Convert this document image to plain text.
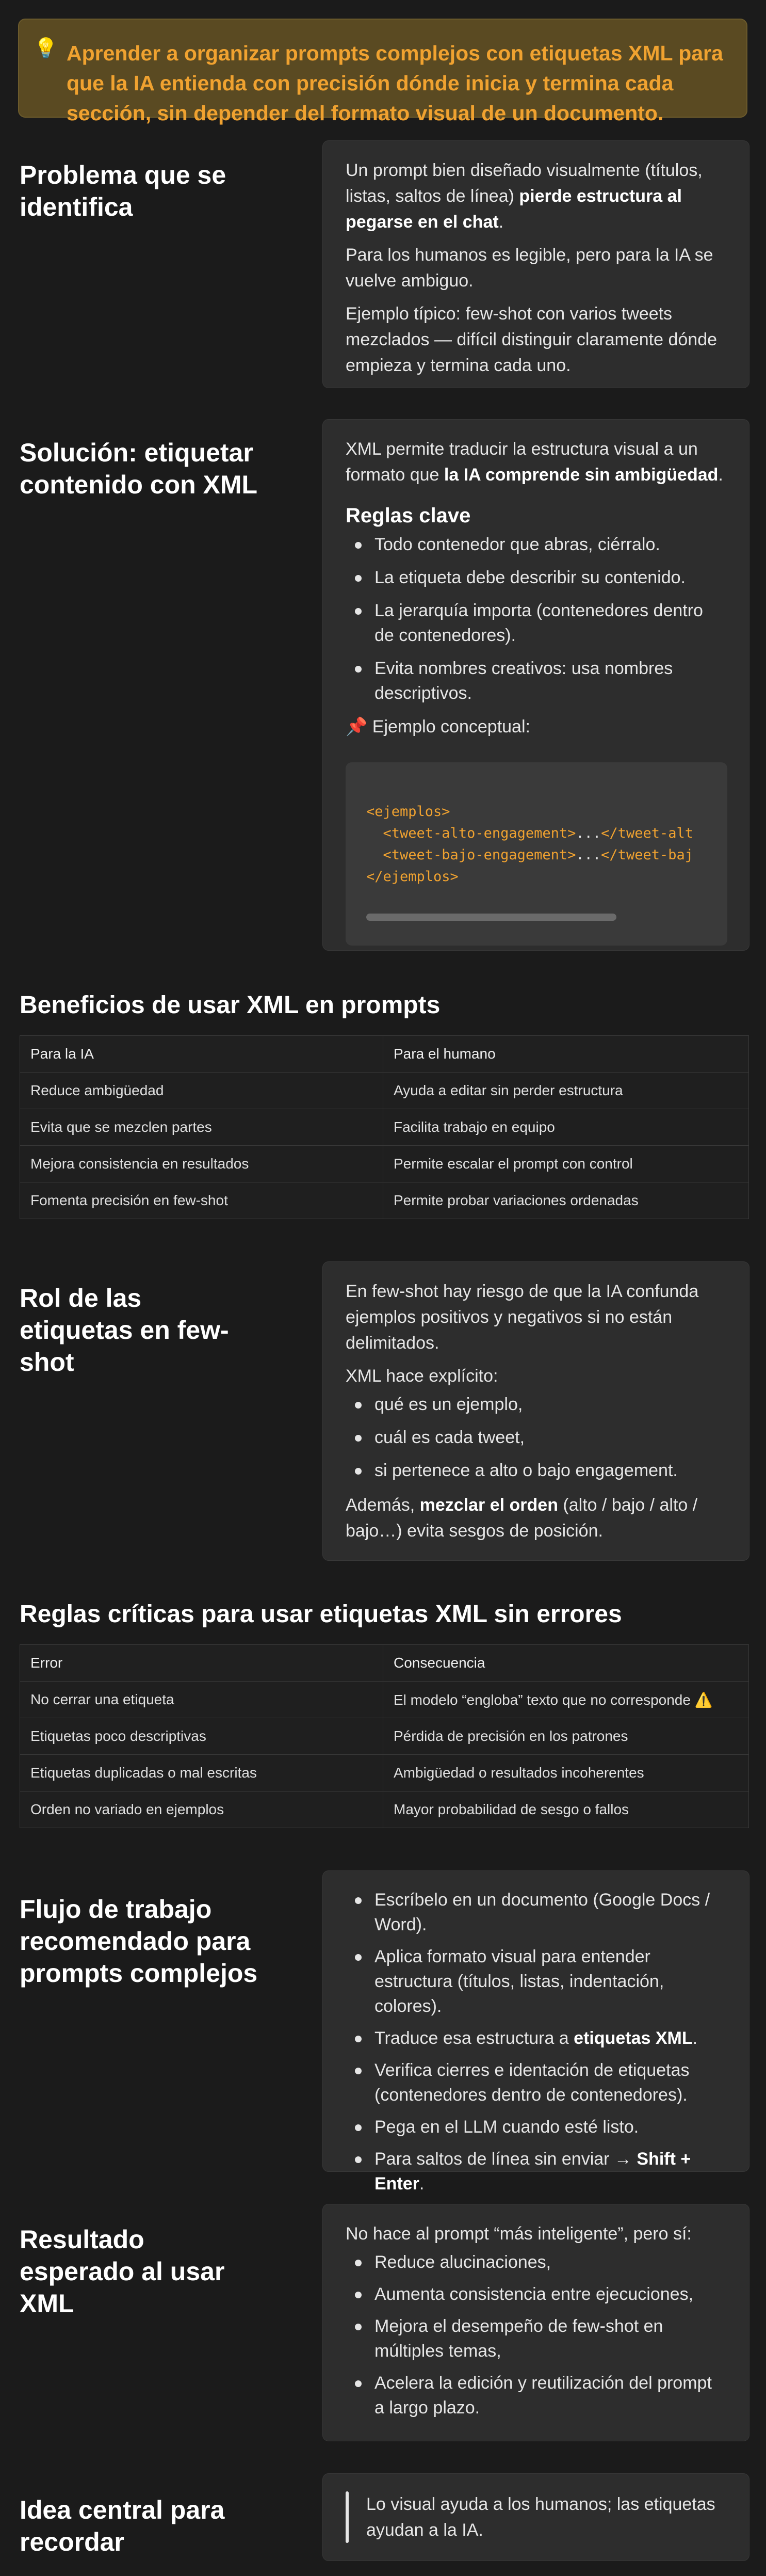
💡 Aprender a organizar prompts complejos con etiquetas XML para que la IA entienda con precisión dónde inicia y termina cada sección, sin depender del formato visual de un documento.
Problema que se identifica

Un prompt bien diseñado visualmente (títulos, listas, saltos de línea) pierde estructura al pegarse en el chat.

Para los humanos es legible, pero para la IA se vuelve ambiguo.

Ejemplo típico: few-shot con varios tweets mezclados — difícil distinguir claramente dónde empieza y termina cada uno.

Solución: etiquetar contenido con XML

XML permite traducir la estructura visual a un formato que la IA comprende sin ambigüedad.

Reglas clave
Todo contenedor que abras, ciérralo.
La etiqueta debe describir su contenido.
La jerarquía importa (contenedores dentro de contenedores).
Evita nombres creativos: usa nombres descriptivos.

📌 Ejemplo conceptual:

<ejemplos>
<tweet-alto-engagement>...</tweet-alt
<tweet-bajo-engagement>...</tweet-baj
</ejemplos>
Beneficios de usar XML en prompts
Para la IA	Para el humano
Reduce ambigüedad	Ayuda a editar sin perder estructura
Evita que se mezclen partes	Facilita trabajo en equipo
Mejora consistencia en resultados	Permite escalar el prompt con control
Fomenta precisión en few-shot	Permite probar variaciones ordenadas
Rol de las etiquetas en few-shot

En few-shot hay riesgo de que la IA confunda ejemplos positivos y negativos si no están delimitados.

XML hace explícito:

qué es un ejemplo,
cuál es cada tweet,
si pertenece a alto o bajo engagement.

Además, mezclar el orden (alto / bajo / alto / bajo…) evita sesgos de posición.

Reglas críticas para usar etiquetas XML sin errores
Error	Consecuencia
No cerrar una etiqueta	El modelo “engloba” texto que no corresponde ⚠️
Etiquetas poco descriptivas	Pérdida de precisión en los patrones
Etiquetas duplicadas o mal escritas	Ambigüedad o resultados incoherentes
Orden no variado en ejemplos	Mayor probabilidad de sesgo o fallos
Flujo de trabajo recomendado para prompts complejos
Escríbelo en un documento (Google Docs / Word).
Aplica formato visual para entender estructura (títulos, listas, indentación, colores).
Traduce esa estructura a etiquetas XML.
Verifica cierres e identación de etiquetas (contenedores dentro de contenedores).
Pega en el LLM cuando esté listo.
Para saltos de línea sin enviar → Shift + Enter.
Resultado esperado al usar XML

No hace al prompt “más inteligente”, pero sí:

Reduce alucinaciones,
Aumenta consistencia entre ejecuciones,
Mejora el desempeño de few-shot en múltiples temas,
Acelera la edición y reutilización del prompt a largo plazo.
Idea central para recordar

Lo visual ayuda a los humanos; las etiquetas ayudan a la IA.
